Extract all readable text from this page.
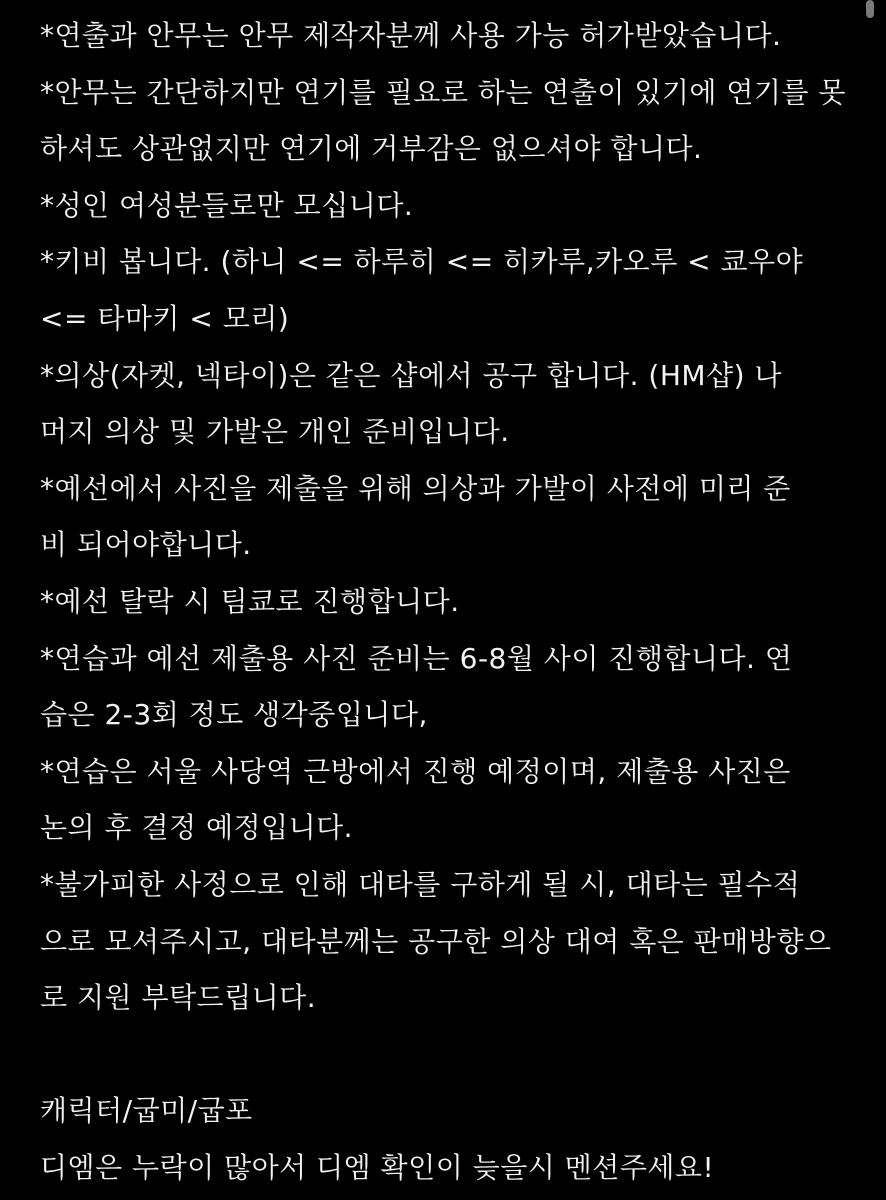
*연출과 안무는 안무 제작자분께 사용 가능 허가받았습니다.
*안무는 간단하지만 연기를 필요로 하는 연출이 있기에 연기를 못
하셔도 상관없지만 연기에 거부감은 없으셔야 합니다.
*성인 여성분들로만 모십니다.
*키비 봅니다. (하니 <= 하루히 <= 히카루,카오루 < 쿄우야
<= 타마키 < 모리)
*의상(자켓, 넥타이)은 같은 샵에서 공구 합니다. (HM샵) 나
머지 의상 및 가발은 개인 준비입니다.
*예선에서 사진을 제출을 위해 의상과 가발이 사전에 미리 준
비 되어야합니다.
*예선 탈락 시 팀쿄로 진행합니다.
*연습과 예선 제출용 사진 준비는 6-8월 사이 진행합니다. 연
습은 2-3회 정도 생각중입니다,
*연습은 서울 사당역 근방에서 진행 예정이며, 제출용 사진은
논의 후 결정 예정입니다.
*불가피한 사정으로 인해 대타를 구하게 될 시, 대타는 필수적
으로 모셔주시고, 대타분께는 공구한 의상 대여 혹은 판매방향으
로 지원 부탁드립니다.
캐릭터/굽미/굽포
디엠은 누락이 많아서 디엠 확인이 늦을시 멘션주세요!
